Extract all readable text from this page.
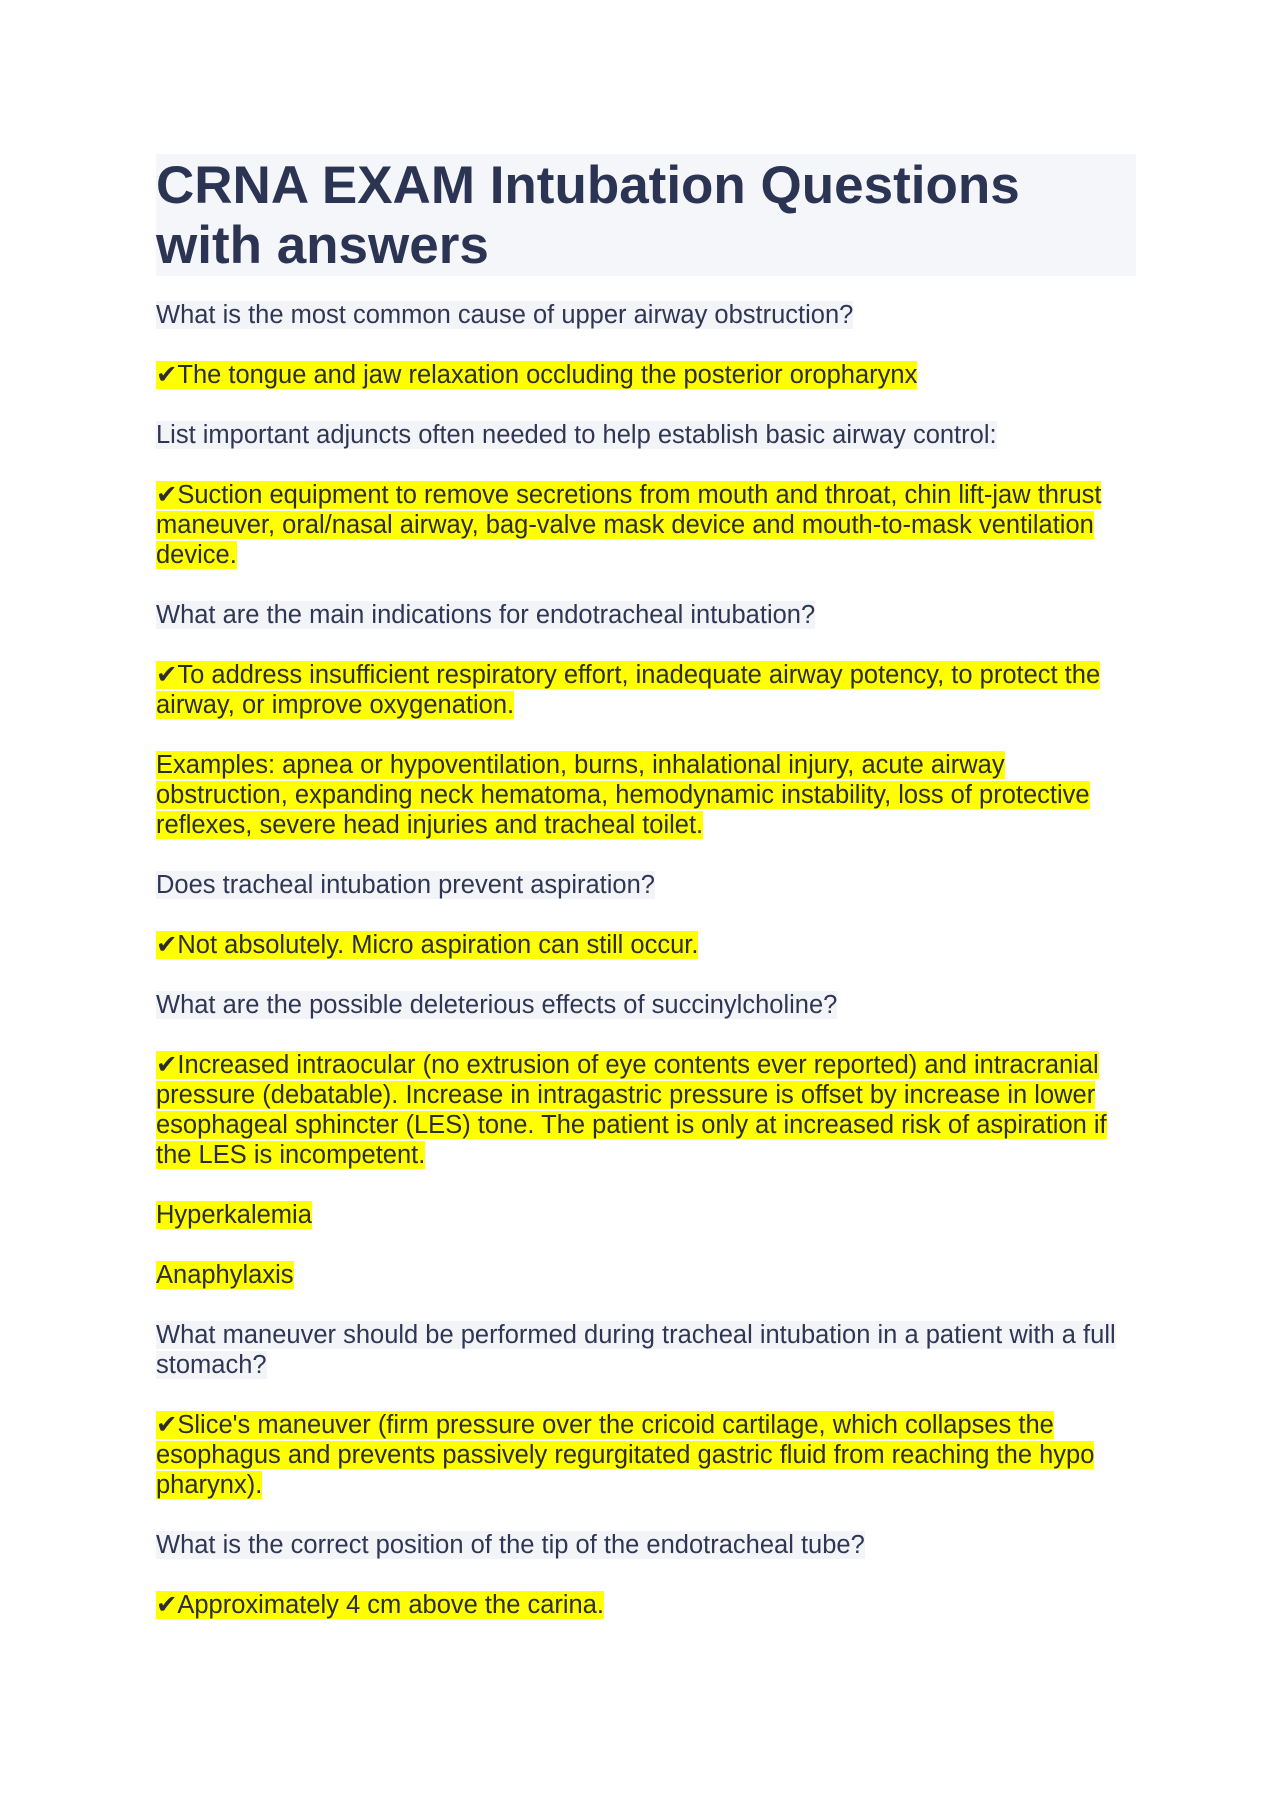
CRNA EXAM Intubation Questions with answers

What is the most common cause of upper airway obstruction?

✔The tongue and jaw relaxation occluding the posterior oropharynx

List important adjuncts often needed to help establish basic airway control:

✔Suction equipment to remove secretions from mouth and throat, chin lift-jaw thrust maneuver, oral/nasal airway, bag-valve mask device and mouth-to-mask ventilation device.

What are the main indications for endotracheal intubation?

✔To address insufficient respiratory effort, inadequate airway potency, to protect the airway, or improve oxygenation.

Examples: apnea or hypoventilation, burns, inhalational injury, acute airway obstruction, expanding neck hematoma, hemodynamic instability, loss of protective reflexes, severe head injuries and tracheal toilet.

Does tracheal intubation prevent aspiration?

✔Not absolutely. Micro aspiration can still occur.

What are the possible deleterious effects of succinylcholine?

✔Increased intraocular (no extrusion of eye contents ever reported) and intracranial pressure (debatable). Increase in intragastric pressure is offset by increase in lower esophageal sphincter (LES) tone. The patient is only at increased risk of aspiration if the LES is incompetent.

Hyperkalemia

Anaphylaxis

What maneuver should be performed during tracheal intubation in a patient with a full stomach?

✔Slice's maneuver (firm pressure over the cricoid cartilage, which collapses the esophagus and prevents passively regurgitated gastric fluid from reaching the hypo pharynx).

What is the correct position of the tip of the endotracheal tube?

✔Approximately 4 cm above the carina.
